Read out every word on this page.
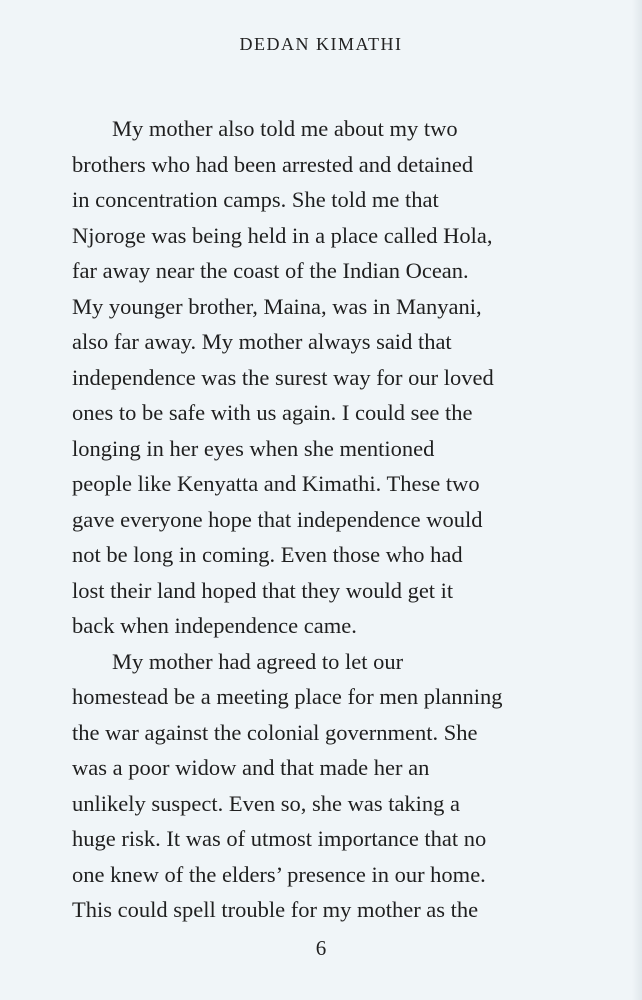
DEDAN KIMATHI
My mother also told me about my two
brothers who had been arrested and detained
in concentration camps. She told me that
Njoroge was being held in a place called Hola,
far away near the coast of the Indian Ocean.
My younger brother, Maina, was in Manyani,
also far away. My mother always said that
independence was the surest way for our loved
ones to be safe with us again. I could see the
longing in her eyes when she mentioned
people like Kenyatta and Kimathi. These two
gave everyone hope that independence would
not be long in coming. Even those who had
lost their land hoped that they would get it
back when independence came.
My mother had agreed to let our
homestead be a meeting place for men planning
the war against the colonial government. She
was a poor widow and that made her an
unlikely suspect. Even so, she was taking a
huge risk. It was of utmost importance that no
one knew of the elders’ presence in our home.
This could spell trouble for my mother as the
6
